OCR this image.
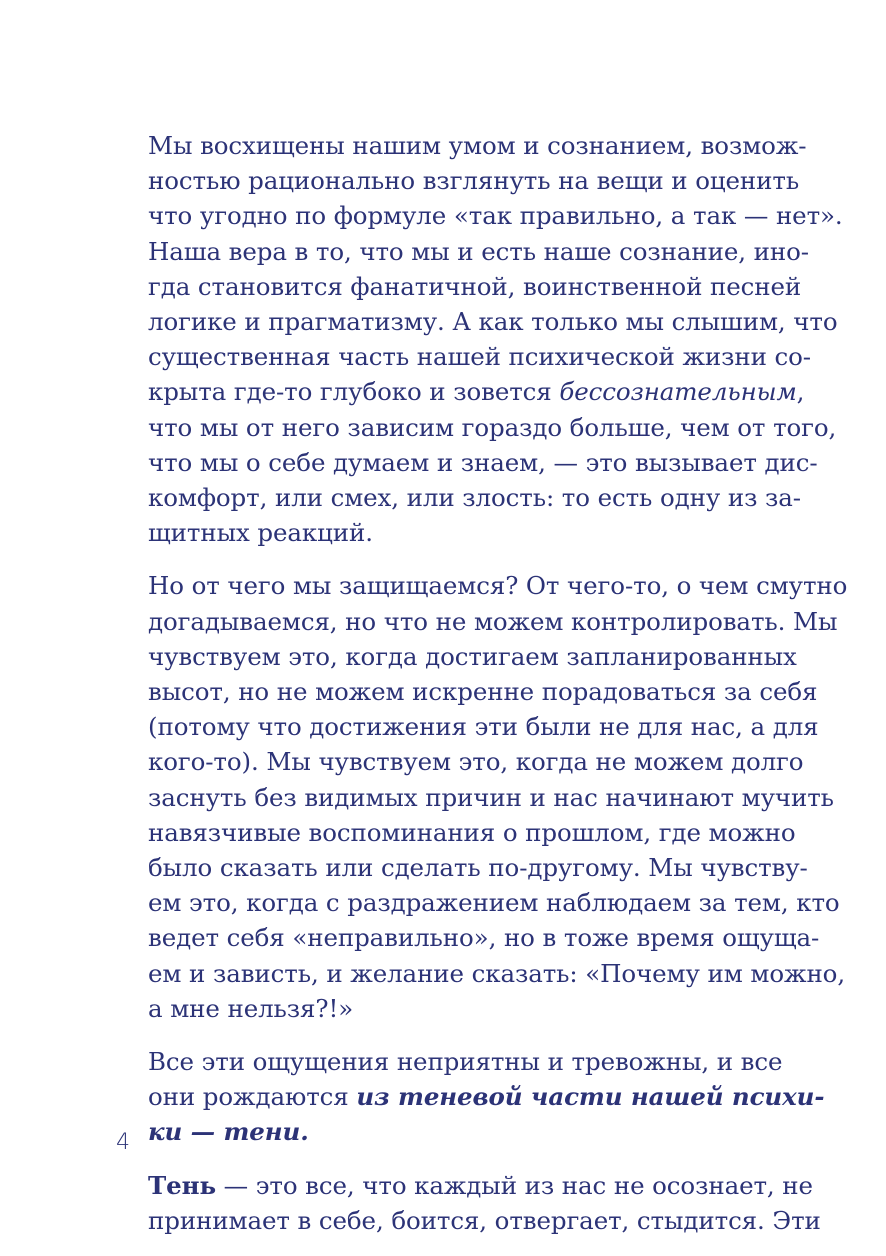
Мы восхищены нашим умом и сознанием, возмож-
ностью рационально взглянуть на вещи и оценить
что угодно по формуле «так правильно, а так — нет».
Наша вера в то, что мы и есть наше сознание, ино-
гда становится фанатичной, воинственной песней
логике и прагматизму. А как только мы слышим, что
существенная часть нашей психической жизни со-
крыта где-то глубоко и зовется бессознательным,
что мы от него зависим гораздо больше, чем от того,
что мы о себе думаем и знаем, — это вызывает дис-
комфорт, или смех, или злость: то есть одну из за-
щитных реакций.

Но от чего мы защищаемся? От чего-то, о чем смутно
догадываемся, но что не можем контролировать. Мы
чувствуем это, когда достигаем запланированных
высот, но не можем искренне порадоваться за себя
(потому что достижения эти были не для нас, а для
кого-то). Мы чувствуем это, когда не можем долго
заснуть без видимых причин и нас начинают мучить
навязчивые воспоминания о прошлом, где можно
было сказать или сделать по-другому. Мы чувству-
ем это, когда с раздражением наблюдаем за тем, кто
ведет себя «неправильно», но в тоже время ощуща-
ем и зависть, и желание сказать: «Почему им можно,
а мне нельзя?!»

Все эти ощущения неприятны и тревожны, и все
они рождаются из теневой части нашей психи-
ки — тени.

Тень — это все, что каждый из нас не осознает, не
принимает в себе, боится, отвергает, стыдится. Эти

4
